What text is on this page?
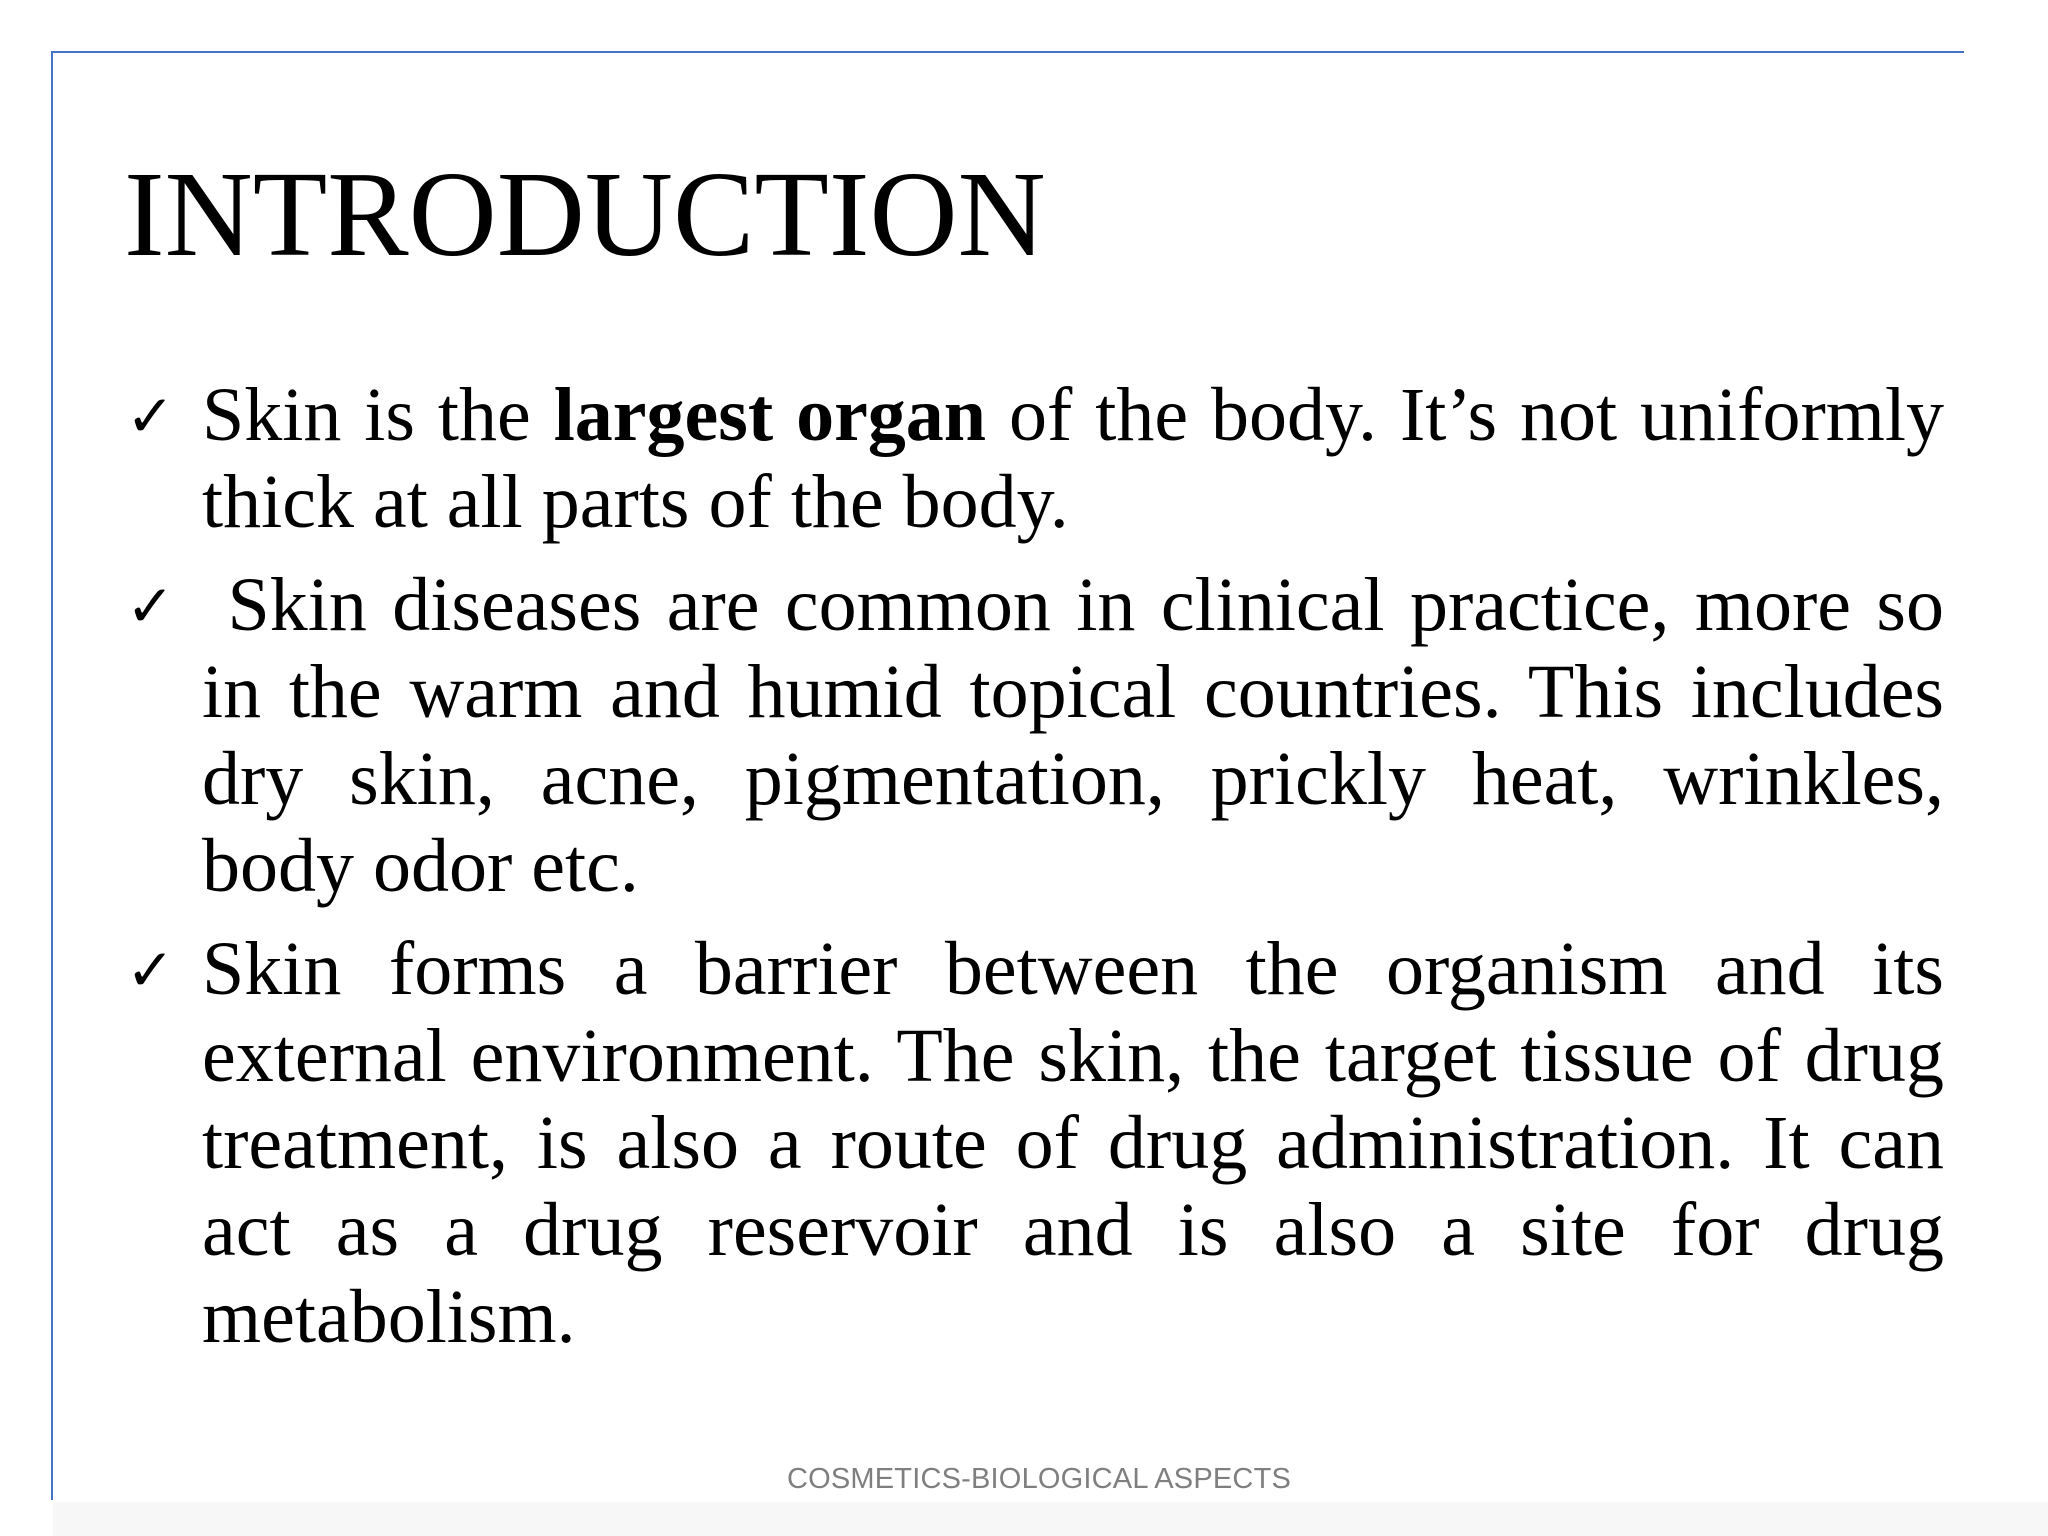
INTRODUCTION
✓ Skin is the largest organ of the body. It’s not uniformly thick at all parts of the body.
✓ Skin diseases are common in clinical practice, more so in the warm and humid topical countries. This includes dry skin, acne, pigmentation, prickly heat, wrinkles, body odor etc.
✓ Skin forms a barrier between the organism and its external environment. The skin, the target tissue of drug treatment, is also a route of drug administration. It can act as a drug reservoir and is also a site for drug metabolism.
COSMETICS-BIOLOGICAL ASPECTS
